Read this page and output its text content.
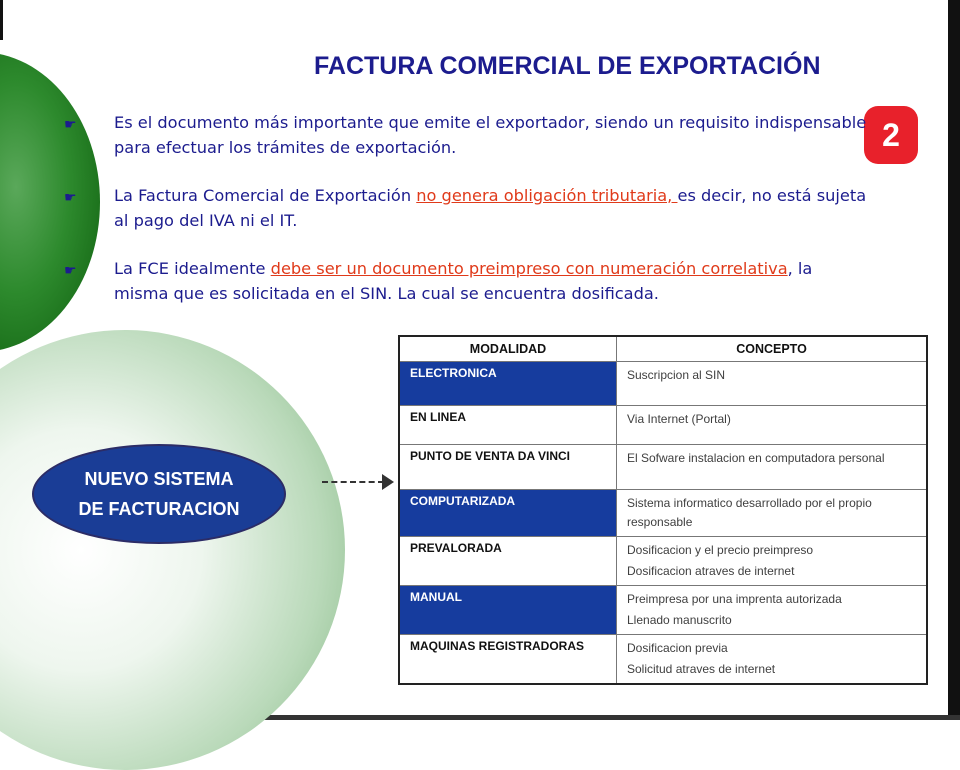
FACTURA COMERCIAL DE EXPORTACIÓN
2
☛ Es el documento más importante que emite el exportador, siendo un requisito indispensable para efectuar los trámites de exportación.
☛ La Factura Comercial de Exportación no genera obligación tributaria, es decir, no está sujeta al pago del IVA ni el IT.
☛ La FCE idealmente debe ser un documento preimpreso con numeración correlativa, la misma que es solicitada en el SIN. La cual se encuentra dosificada.
NUEVO SISTEMA
DE FACTURACION
MODALIDAD	CONCEPTO
ELECTRONICA	Suscripcion al SIN

EN LINEA	Via Internet (Portal)

PUNTO DE VENTA DA VINCI	El Sofware instalacion en computadora personal

COMPUTARIZADA	Sistema informatico desarrollado por el propio responsable

PREVALORADA	Dosificacion y el precio preimpreso
Dosificacion atraves de internet

MANUAL	Preimpresa por una imprenta autorizada
Llenado manuscrito

MAQUINAS REGISTRADORAS	Dosificacion previa
Solicitud atraves de internet
